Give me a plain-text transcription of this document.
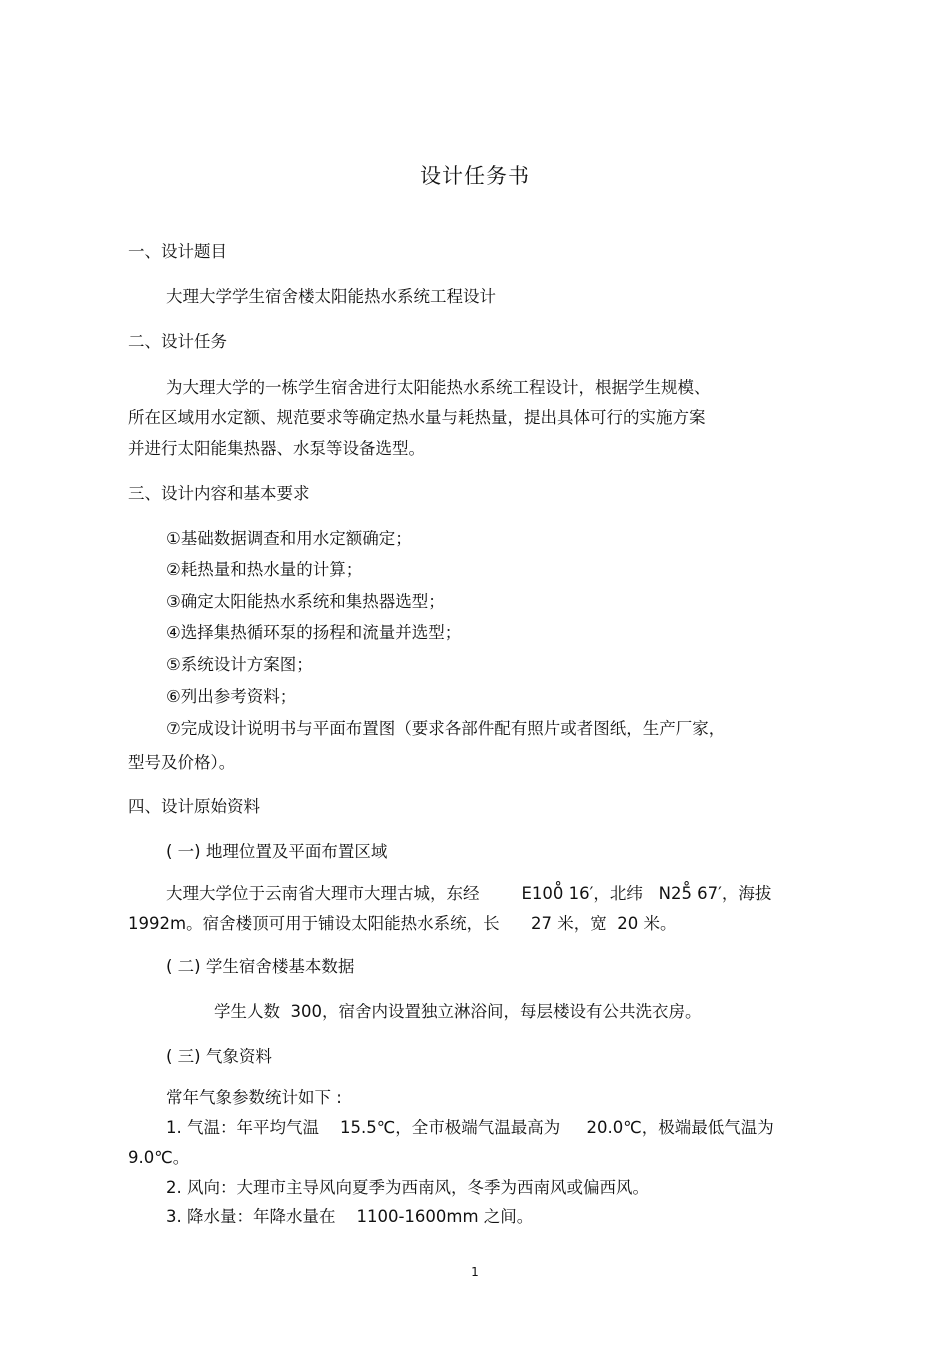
设计任务书
一、设计题目
大理大学学生宿舍楼太阳能热水系统工程设计
二、设计任务
为大理大学的一栋学生宿舍进行太阳能热水系统工程设计，根据学生规模、
所在区域用水定额、规范要求等确定热水量与耗热量，提出具体可行的实施方案
并进行太阳能集热器、水泵等设备选型。
三、设计内容和基本要求
①基础数据调查和用水定额确定；
②耗热量和热水量的计算；
③确定太阳能热水系统和集热器选型；
④选择集热循环泵的扬程和流量并选型；
⑤系统设计方案图；
⑥列出参考资料；
⑦完成设计说明书与平面布置图（要求各部件配有照片或者图纸，生产厂家，
型号及价格）。
四、设计原始资料
( 一) 地理位置及平面布置区域
大理大学位于云南省大理市大理古城，东经        E100̊ 16′，北纬   N25̊ 67′，海拔
1992m。宿舍楼顶可用于铺设太阳能热水系统，长      27 米，宽  20 米。
( 二) 学生宿舍楼基本数据
学生人数  300，宿舍内设置独立淋浴间，每层楼设有公共洗衣房。
( 三) 气象资料
常年气象参数统计如下 :
1. 气温：年平均气温    15.5℃，全市极端气温最高为     20.0℃，极端最低气温为
9.0℃。
2. 风向：大理市主导风向夏季为西南风，冬季为西南风或偏西风。
3. 降水量：年降水量在    1100-1600mm 之间。
1
